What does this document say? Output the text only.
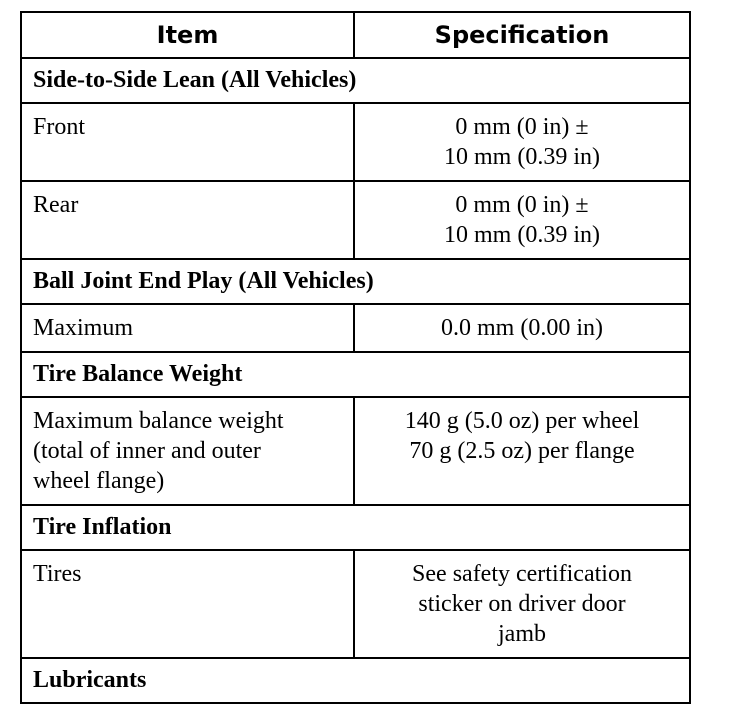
Item	Specification
Side-to-Side Lean (All Vehicles)	

Front	0 mm (0 in) ±
10 mm (0.39 in)

Rear	0 mm (0 in) ±
10 mm (0.39 in)

Ball Joint End Play (All Vehicles)	

Maximum	0.0 mm (0.00 in)

Tire Balance Weight	

Maximum balance weight
(total of inner and outer
wheel flange)	140 g (5.0 oz) per wheel
70 g (2.5 oz) per flange

Tire Inflation	

Tires	See safety certification
sticker on driver door
jamb

Lubricants	
